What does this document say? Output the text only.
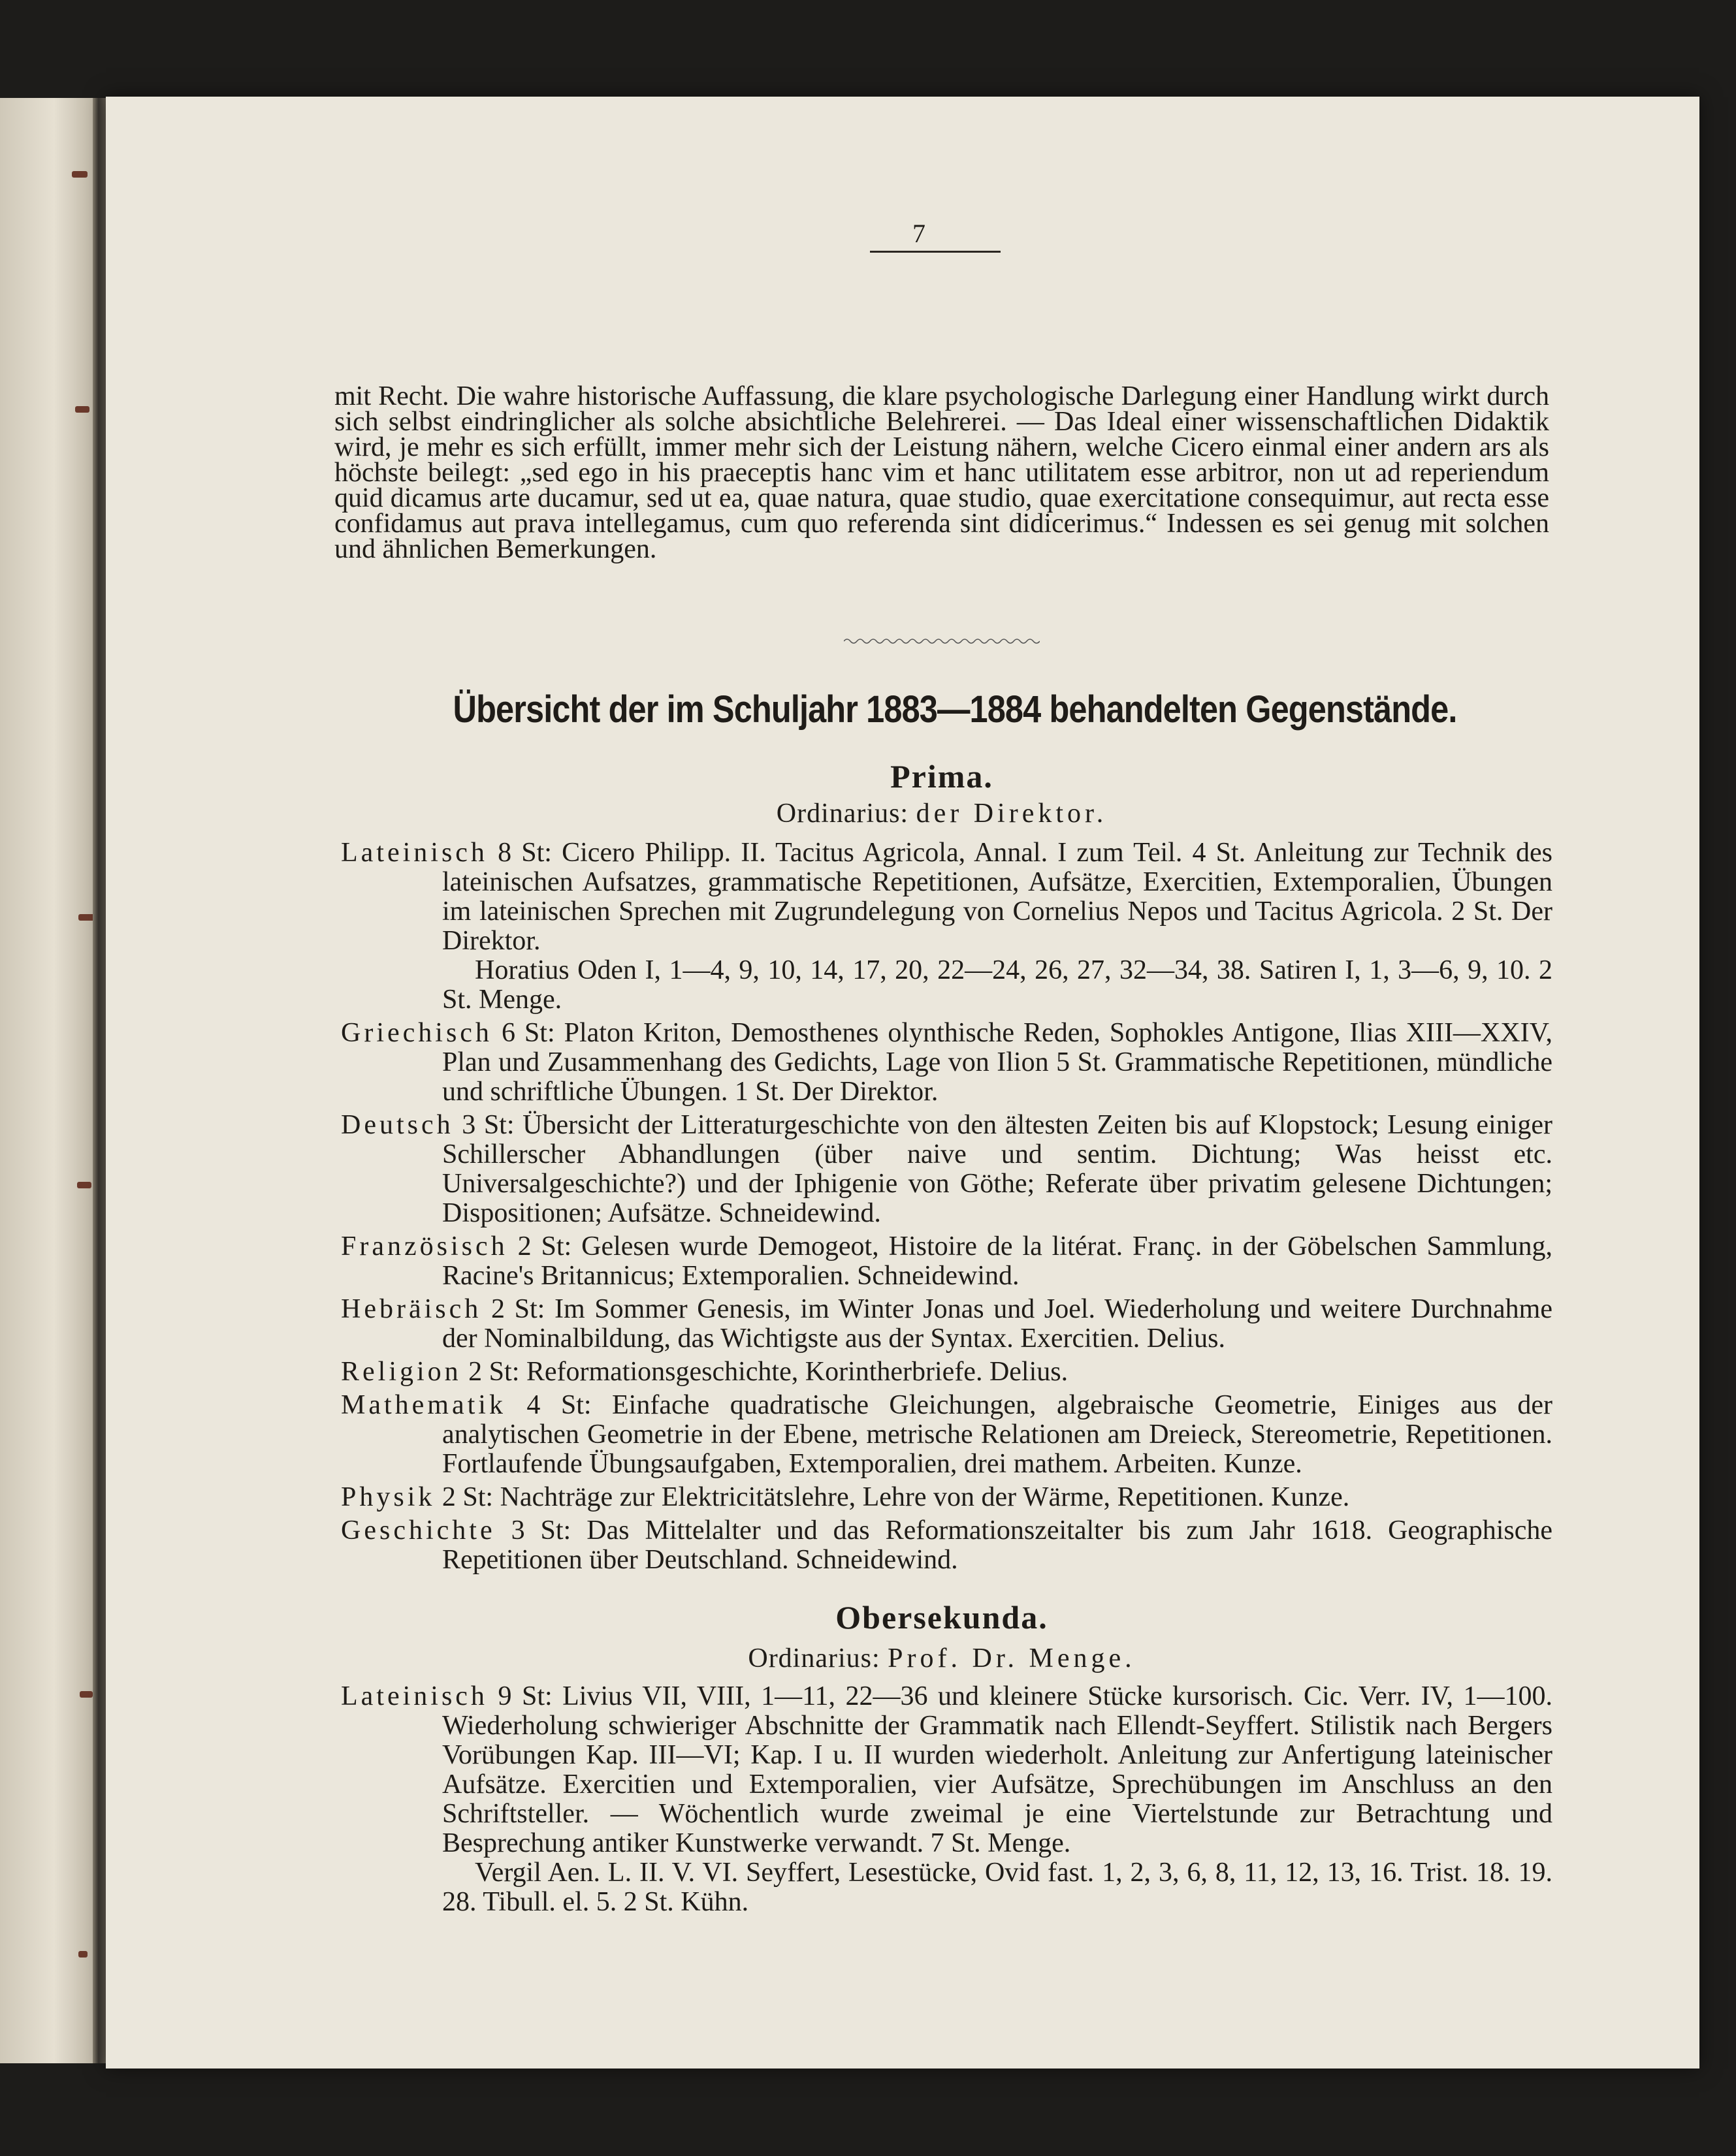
7
mit Recht. Die wahre historische Auffassung, die klare psychologische Darlegung einer Handlung wirkt durch sich selbst eindringlicher als solche absichtliche Belehrerei. — Das Ideal einer wissenschaftlichen Didaktik wird, je mehr es sich erfüllt, immer mehr sich der Leistung nähern, welche Cicero einmal einer andern ars als höchste beilegt: „sed ego in his praeceptis hanc vim et hanc utilitatem esse arbitror, non ut ad reperiendum quid dicamus arte ducamur, sed ut ea, quae natura, quae studio, quae exercitatione consequimur, aut recta esse confidamus aut prava intellegamus, cum quo referenda sint didicerimus.“ Indessen es sei genug mit solchen und ähnlichen Bemerkungen.
Übersicht der im Schuljahr 1883—1884 behandelten Gegenstände.
Prima.
Ordinarius: der Direktor.
Lateinisch 8 St: Cicero Philipp. II. Tacitus Agricola, Annal. I zum Teil. 4 St. Anleitung zur Technik des lateinischen Aufsatzes, grammatische Repetitionen, Aufsätze, Exercitien, Extemporalien, Übungen im lateinischen Sprechen mit Zugrundelegung von Cornelius Nepos und Tacitus Agricola. 2 St. Der Direktor.
Horatius Oden I, 1—4, 9, 10, 14, 17, 20, 22—24, 26, 27, 32—34, 38. Satiren I, 1, 3—6, 9, 10. 2 St. Menge.
Griechisch 6 St: Platon Kriton, Demosthenes olynthische Reden, Sophokles Antigone, Ilias XIII—XXIV, Plan und Zusammenhang des Gedichts, Lage von Ilion 5 St. Grammatische Repetitionen, mündliche und schriftliche Übungen. 1 St. Der Direktor.
Deutsch 3 St: Übersicht der Litteraturgeschichte von den ältesten Zeiten bis auf Klopstock; Lesung einiger Schillerscher Abhandlungen (über naive und sentim. Dichtung; Was heisst etc. Universalgeschichte?) und der Iphigenie von Göthe; Referate über privatim gelesene Dichtungen; Dispositionen; Aufsätze. Schneidewind.
Französisch 2 St: Gelesen wurde Demogeot, Histoire de la litérat. Franç. in der Göbelschen Sammlung, Racine's Britannicus; Extemporalien. Schneidewind.
Hebräisch 2 St: Im Sommer Genesis, im Winter Jonas und Joel. Wiederholung und weitere Durchnahme der Nominalbildung, das Wichtigste aus der Syntax. Exercitien. Delius.
Religion 2 St: Reformationsgeschichte, Korintherbriefe. Delius.
Mathematik 4 St: Einfache quadratische Gleichungen, algebraische Geometrie, Einiges aus der analytischen Geometrie in der Ebene, metrische Relationen am Dreieck, Stereometrie, Repetitionen. Fortlaufende Übungsaufgaben, Extemporalien, drei mathem. Arbeiten. Kunze.
Physik 2 St: Nachträge zur Elektricitätslehre, Lehre von der Wärme, Repetitionen. Kunze.
Geschichte 3 St: Das Mittelalter und das Reformationszeitalter bis zum Jahr 1618. Geographische Repetitionen über Deutschland. Schneidewind.
Obersekunda.
Ordinarius: Prof. Dr. Menge.
Lateinisch 9 St: Livius VII, VIII, 1—11, 22—36 und kleinere Stücke kursorisch. Cic. Verr. IV, 1—100. Wiederholung schwieriger Abschnitte der Grammatik nach Ellendt-Seyffert. Stilistik nach Bergers Vorübungen Kap. III—VI; Kap. I u. II wurden wiederholt. Anleitung zur Anfertigung lateinischer Aufsätze. Exercitien und Extemporalien, vier Aufsätze, Sprechübungen im Anschluss an den Schriftsteller. — Wöchentlich wurde zweimal je eine Viertelstunde zur Betrachtung und Besprechung antiker Kunstwerke verwandt. 7 St. Menge.
Vergil Aen. L. II. V. VI. Seyffert, Lesestücke, Ovid fast. 1, 2, 3, 6, 8, 11, 12, 13, 16. Trist. 18. 19. 28. Tibull. el. 5. 2 St. Kühn.
